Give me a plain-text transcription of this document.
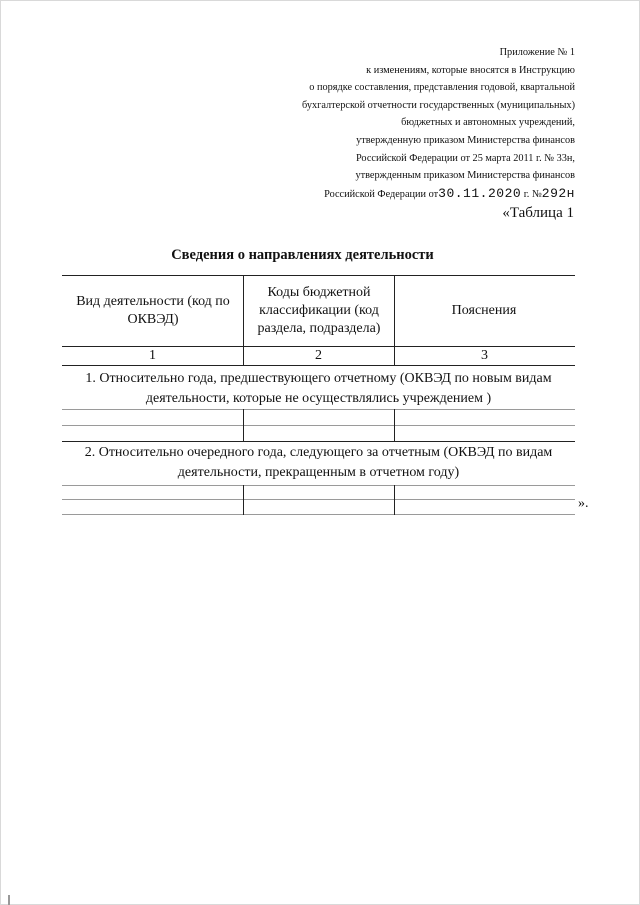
Приложение № 1
к изменениям, которые вносятся в Инструкцию
о порядке составления, представления годовой, квартальной
бухгалтерской отчетности государственных (муниципальных)
бюджетных и автономных учреждений,
утвержденную приказом Министерства финансов
Российской Федерации от 25 марта 2011 г. № 33н,
утвержденным приказом Министерства финансов
Российской Федерации от30.11.2020 г. №292н
«Таблица 1
Сведения о направлениях деятельности
Вид деятельности (код по ОКВЭД)
Коды бюджетной классификации (код раздела, подраздела)
Пояснения
1	2	3
1. Относительно года, предшествующего отчетному (ОКВЭД по новым видам деятельности, которые не осуществлялись учреждением )
2. Относительно очередного года, следующего за отчетным (ОКВЭД по видам деятельности, прекращенным в отчетном году)
».
